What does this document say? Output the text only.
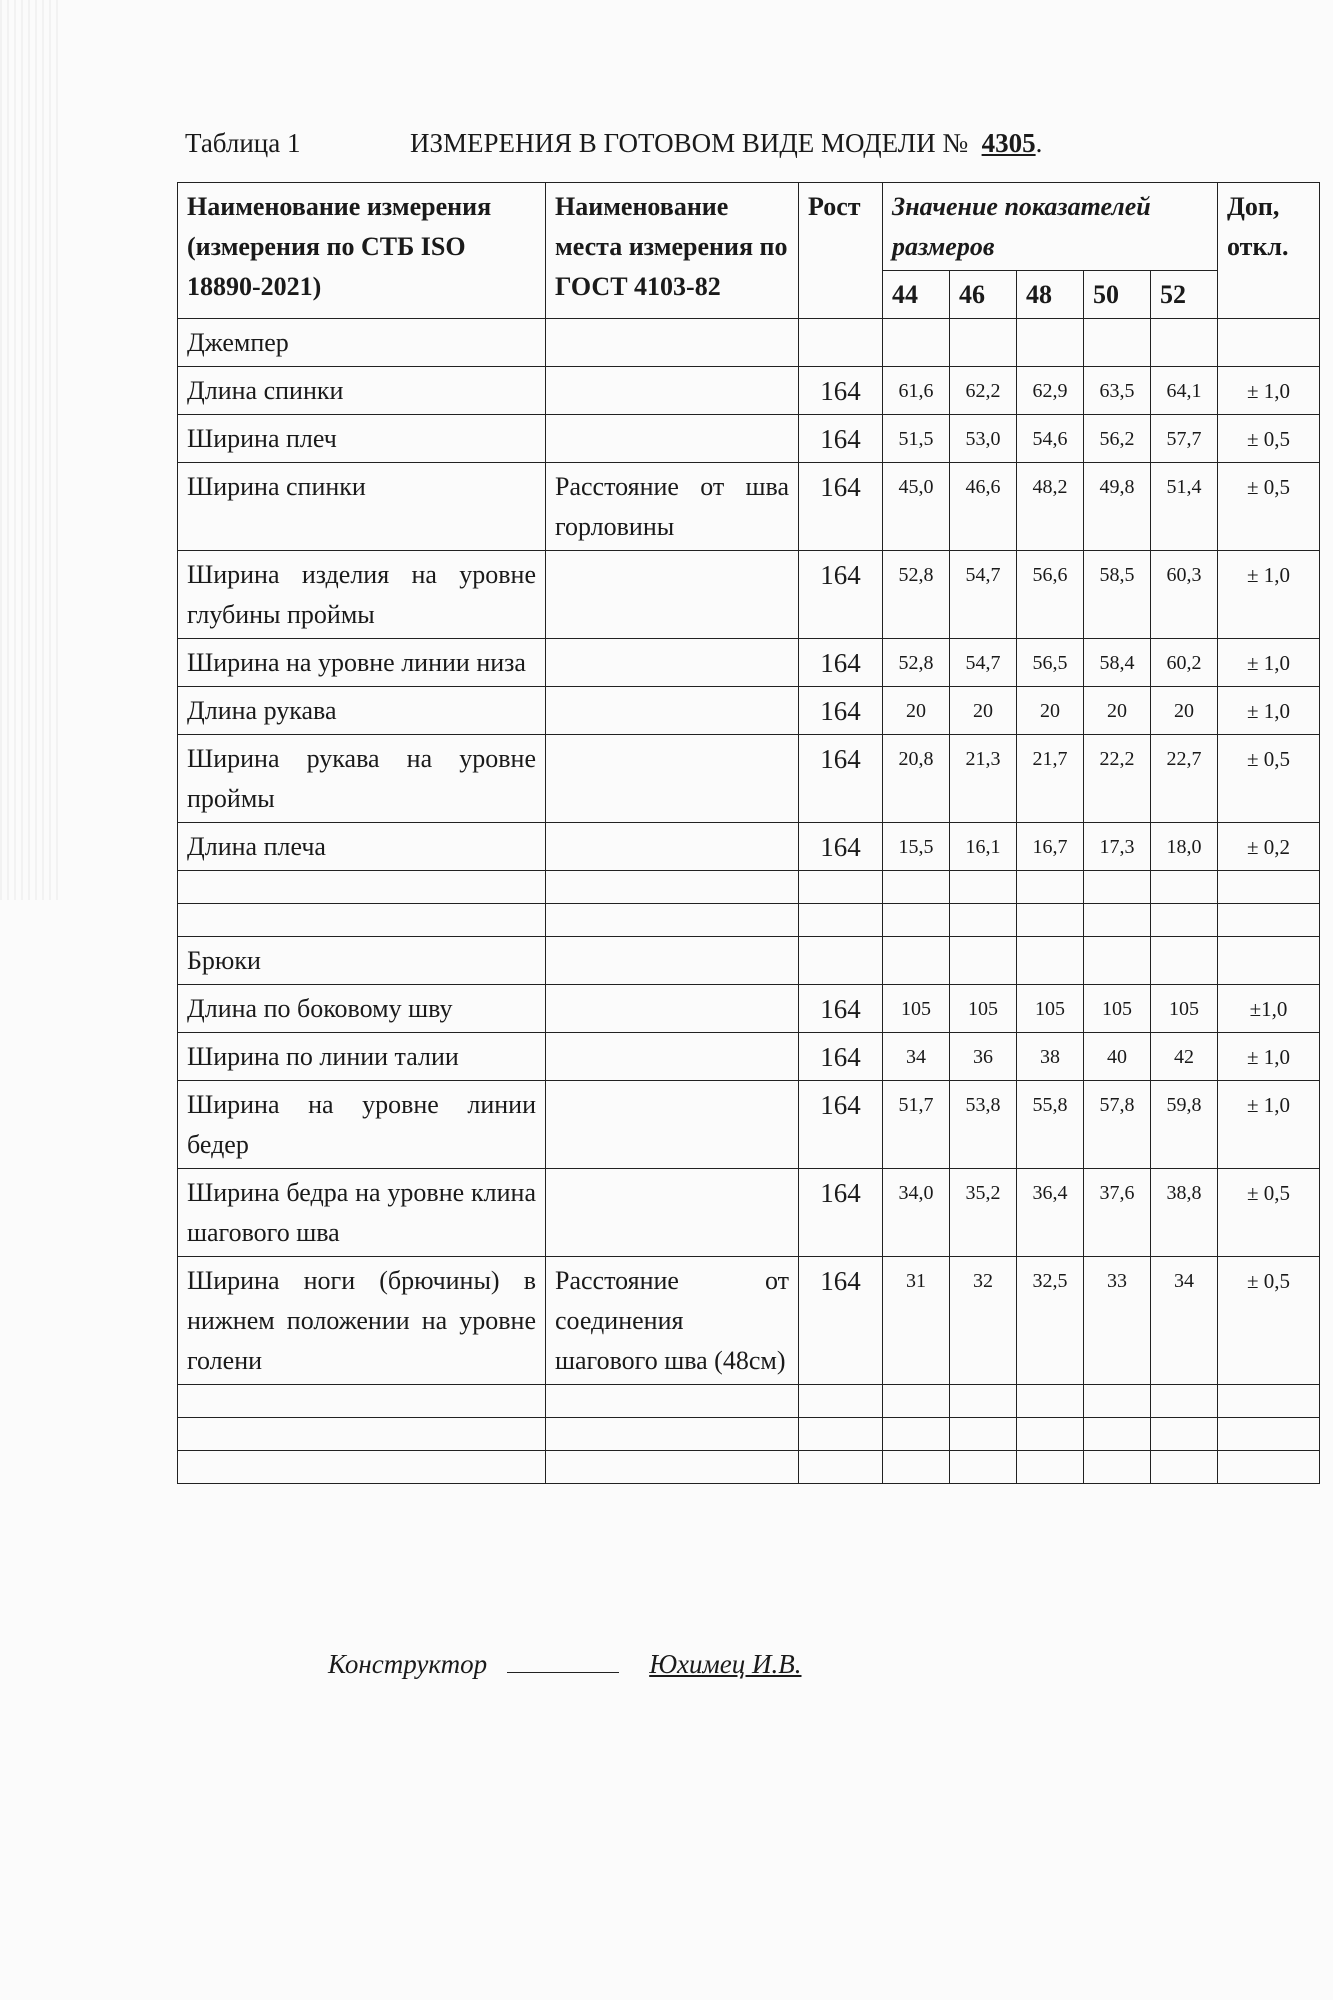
Таблица 1	ИЗМЕРЕНИЯ В ГОТОВОМ ВИДЕ МОДЕЛИ № 4305.
Наименование измерения (измерения по СТБ ISO 18890-2021)	Наименование места измерения по ГОСТ 4103-82	Рост	Значение показателей размеров					Доп, откл.
			44	46	48	50	52	
Джемпер								
Длина спинки		164	61,6	62,2	62,9	63,5	64,1	± 1,0
Ширина плеч		164	51,5	53,0	54,6	56,2	57,7	± 0,5
Ширина спинки	Расстояние от шва горловины	164	45,0	46,6	48,2	49,8	51,4	± 0,5
Ширина изделия на уровне глубины проймы		164	52,8	54,7	56,6	58,5	60,3	± 1,0
Ширина на уровне линии низа		164	52,8	54,7	56,5	58,4	60,2	± 1,0
Длина рукава		164	20	20	20	20	20	± 1,0
Ширина рукава на уровне проймы		164	20,8	21,3	21,7	22,2	22,7	± 0,5
Длина плеча		164	15,5	16,1	16,7	17,3	18,0	± 0,2

Брюки								
Длина по боковому шву		164	105	105	105	105	105	±1,0
Ширина по линии талии		164	34	36	38	40	42	± 1,0
Ширина на уровне линии бедер		164	51,7	53,8	55,8	57,8	59,8	± 1,0
Ширина бедра на уровне клина шагового шва		164	34,0	35,2	36,4	37,6	38,8	± 0,5
Ширина ноги (брючины) в нижнем положении на уровне голени	Расстояние от соединения шагового шва (48см)	164	31	32	32,5	33	34	± 0,5

Конструктор	Юхимец И.В.
